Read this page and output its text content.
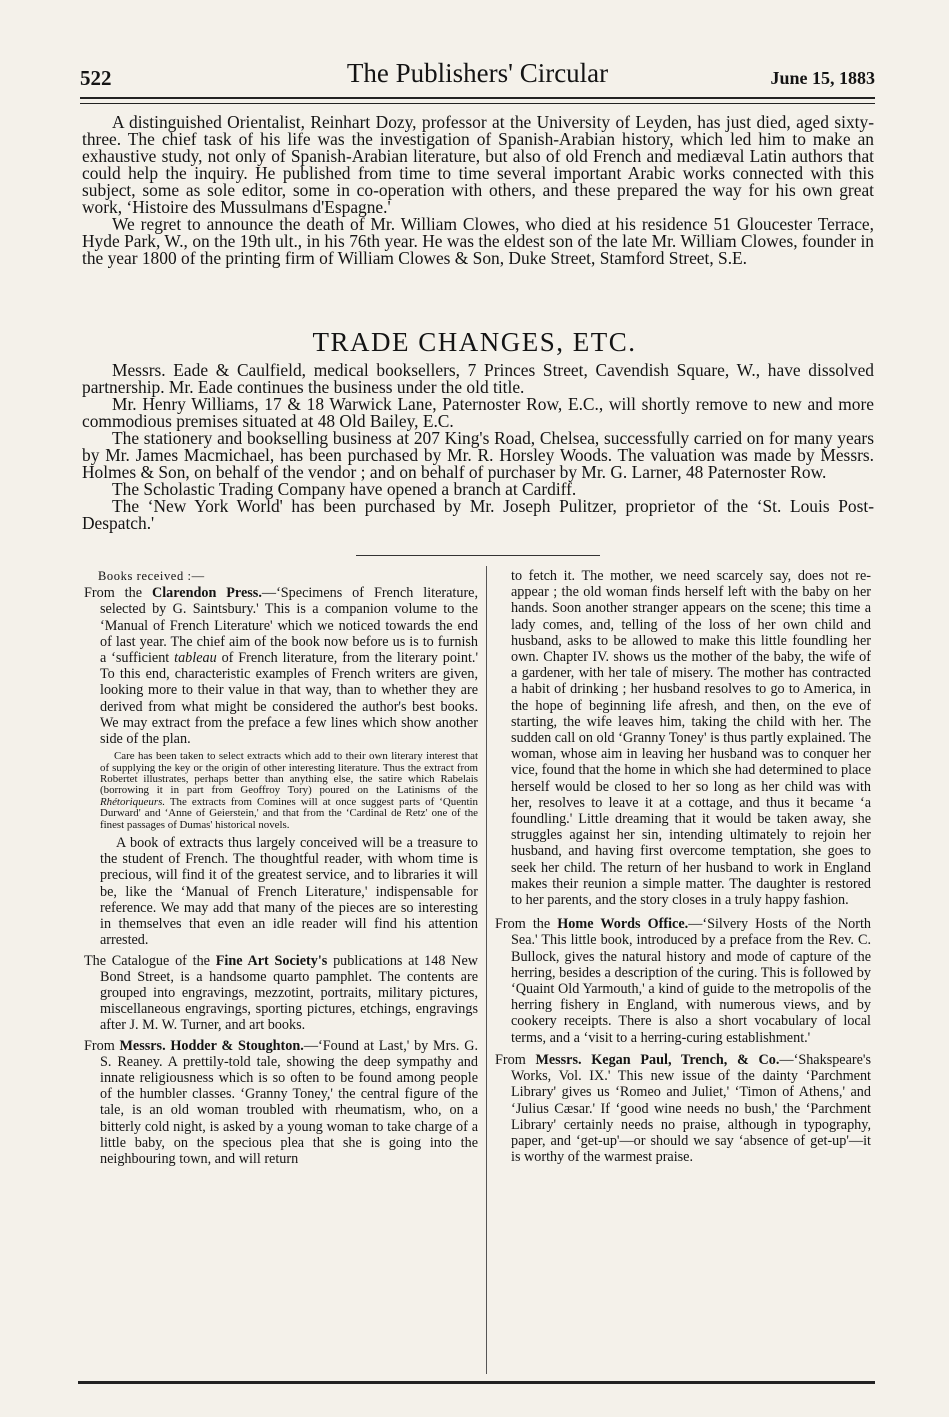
522	The Publishers' Circular	June 15, 1883

A distinguished Orientalist, Reinhart Dozy, professor at the University of Leyden, has just died, aged sixty-three. The chief task of his life was the investigation of Spanish-Arabian history, which led him to make an exhaustive study, not only of Spanish-Arabian literature, but also of old French and mediæval Latin authors that could help the inquiry. He published from time to time several important Arabic works connected with this subject, some as sole editor, some in co-operation with others, and these prepared the way for his own great work, ‘Histoire des Mussulmans d'Espagne.'

We regret to announce the death of Mr. William Clowes, who died at his residence 51 Gloucester Terrace, Hyde Park, W., on the 19th ult., in his 76th year. He was the eldest son of the late Mr. William Clowes, founder in the year 1800 of the printing firm of William Clowes & Son, Duke Street, Stamford Street, S.E.

TRADE CHANGES, ETC.

Messrs. Eade & Caulfield, medical booksellers, 7 Princes Street, Cavendish Square, W., have dissolved partnership. Mr. Eade continues the business under the old title.

Mr. Henry Williams, 17 & 18 Warwick Lane, Paternoster Row, E.C., will shortly remove to new and more commodious premises situated at 48 Old Bailey, E.C.

The stationery and bookselling business at 207 King's Road, Chelsea, successfully carried on for many years by Mr. James Macmichael, has been purchased by Mr. R. Horsley Woods. The valuation was made by Messrs. Holmes & Son, on behalf of the vendor ; and on behalf of purchaser by Mr. G. Larner, 48 Paternoster Row.

The Scholastic Trading Company have opened a branch at Cardiff.

The ‘New York World' has been purchased by Mr. Joseph Pulitzer, proprietor of the ‘St. Louis Post-Despatch.'

Books received :—

From the Clarendon Press.—‘Specimens of French literature, selected by G. Saintsbury.' This is a companion volume to the ‘Manual of French Literature' which we noticed towards the end of last year. The chief aim of the book now before us is to furnish a ‘sufficient tableau of French literature, from the literary point.' To this end, characteristic examples of French writers are given, looking more to their value in that way, than to whether they are derived from what might be considered the author's best books. We may extract from the preface a few lines which show another side of the plan.

Care has been taken to select extracts which add to their own literary interest that of supplying the key or the origin of other interesting literature. Thus the extract from Robertet illustrates, perhaps better than anything else, the satire which Rabelais (borrowing it in part from Geoffroy Tory) poured on the Latinisms of the Rhétoriqueurs. The extracts from Comines will at once suggest parts of ‘Quentin Durward' and ‘Anne of Geierstein,' and that from the ‘Cardinal de Retz' one of the finest passages of Dumas' historical novels.

A book of extracts thus largely conceived will be a treasure to the student of French. The thoughtful reader, with whom time is precious, will find it of the greatest service, and to libraries it will be, like the ‘Manual of French Literature,' indispensable for reference. We may add that many of the pieces are so interesting in themselves that even an idle reader will find his attention arrested.

The Catalogue of the Fine Art Society's publications at 148 New Bond Street, is a handsome quarto pamphlet. The contents are grouped into engravings, mezzotint, portraits, military pictures, miscellaneous engravings, sporting pictures, etchings, engravings after J. M. W. Turner, and art books.

From Messrs. Hodder & Stoughton.—‘Found at Last,' by Mrs. G. S. Reaney. A prettily-told tale, showing the deep sympathy and innate religiousness which is so often to be found among people of the humbler classes. ‘Granny Toney,' the central figure of the tale, is an old woman troubled with rheumatism, who, on a bitterly cold night, is asked by a young woman to take charge of a little baby, on the specious plea that she is going into the neighbouring town, and will return

to fetch it. The mother, we need scarcely say, does not re-appear ; the old woman finds herself left with the baby on her hands. Soon another stranger appears on the scene; this time a lady comes, and, telling of the loss of her own child and husband, asks to be allowed to make this little foundling her own. Chapter IV. shows us the mother of the baby, the wife of a gardener, with her tale of misery. The mother has contracted a habit of drinking ; her husband resolves to go to America, in the hope of beginning life afresh, and then, on the eve of starting, the wife leaves him, taking the child with her. The sudden call on old ‘Granny Toney' is thus partly explained. The woman, whose aim in leaving her husband was to conquer her vice, found that the home in which she had determined to place herself would be closed to her so long as her child was with her, resolves to leave it at a cottage, and thus it became ‘a foundling.' Little dreaming that it would be taken away, she struggles against her sin, intending ultimately to rejoin her husband, and having first overcome temptation, she goes to seek her child. The return of her husband to work in England makes their reunion a simple matter. The daughter is restored to her parents, and the story closes in a truly happy fashion.

From the Home Words Office.—‘Silvery Hosts of the North Sea.' This little book, introduced by a preface from the Rev. C. Bullock, gives the natural history and mode of capture of the herring, besides a description of the curing. This is followed by ‘Quaint Old Yarmouth,' a kind of guide to the metropolis of the herring fishery in England, with numerous views, and by cookery receipts. There is also a short vocabulary of local terms, and a ‘visit to a herring-curing establishment.'

From Messrs. Kegan Paul, Trench, & Co.—‘Shakspeare's Works, Vol. IX.' This new issue of the dainty ‘Parchment Library' gives us ‘Romeo and Juliet,' ‘Timon of Athens,' and ‘Julius Cæsar.' If ‘good wine needs no bush,' the ‘Parchment Library' certainly needs no praise, although in typography, paper, and ‘get-up'—or should we say ‘absence of get-up'—it is worthy of the warmest praise.
